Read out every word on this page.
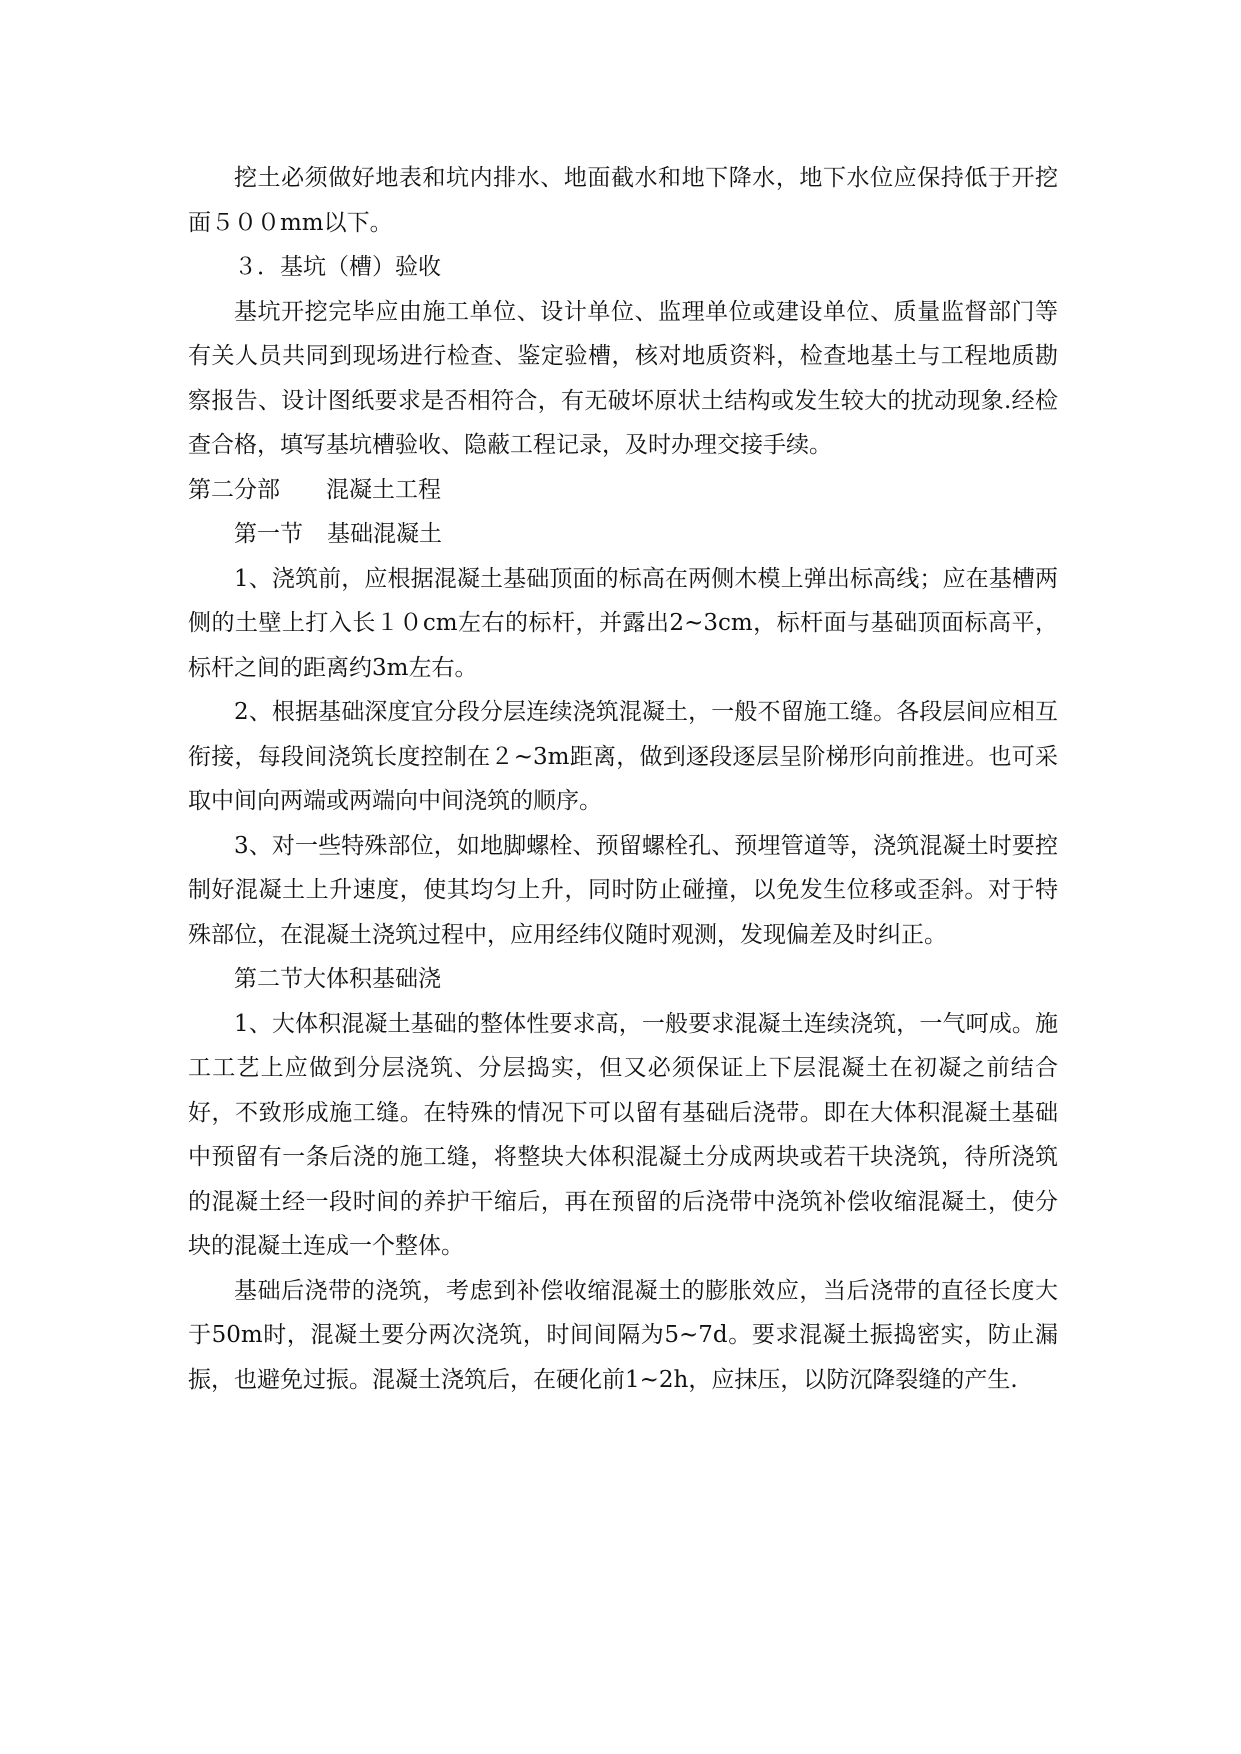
挖土必须做好地表和坑内排水、地面截水和地下降水，地下水位应保持低于开挖面５００mm以下。

３．基坑（槽）验收

基坑开挖完毕应由施工单位、设计单位、监理单位或建设单位、质量监督部门等有关人员共同到现场进行检查、鉴定验槽，核对地质资料，检查地基土与工程地质勘察报告、设计图纸要求是否相符合，有无破坏原状土结构或发生较大的扰动现象.经检查合格，填写基坑槽验收、隐蔽工程记录，及时办理交接手续。

第二分部 混凝土工程

第一节 基础混凝土

1、浇筑前，应根据混凝土基础顶面的标高在两侧木模上弹出标高线；应在基槽两侧的土壁上打入长１０cm左右的标杆，并露出2~3cm，标杆面与基础顶面标高平，标杆之间的距离约3m左右。

2、根据基础深度宜分段分层连续浇筑混凝土，一般不留施工缝。各段层间应相互衔接，每段间浇筑长度控制在２~3m距离，做到逐段逐层呈阶梯形向前推进。也可采取中间向两端或两端向中间浇筑的顺序。

3、对一些特殊部位，如地脚螺栓、预留螺栓孔、预埋管道等，浇筑混凝土时要控制好混凝土上升速度，使其均匀上升，同时防止碰撞，以免发生位移或歪斜。对于特殊部位，在混凝土浇筑过程中，应用经纬仪随时观测，发现偏差及时纠正。

第二节大体积基础浇

1、大体积混凝土基础的整体性要求高，一般要求混凝土连续浇筑，一气呵成。施工工艺上应做到分层浇筑、分层捣实，但又必须保证上下层混凝土在初凝之前结合好，不致形成施工缝。在特殊的情况下可以留有基础后浇带。即在大体积混凝土基础中预留有一条后浇的施工缝，将整块大体积混凝土分成两块或若干块浇筑，待所浇筑的混凝土经一段时间的养护干缩后，再在预留的后浇带中浇筑补偿收缩混凝土，使分块的混凝土连成一个整体。

基础后浇带的浇筑，考虑到补偿收缩混凝土的膨胀效应，当后浇带的直径长度大于50m时，混凝土要分两次浇筑，时间间隔为5~7d。要求混凝土振捣密实，防止漏振，也避免过振。混凝土浇筑后，在硬化前1~2h，应抹压，以防沉降裂缝的产生.
